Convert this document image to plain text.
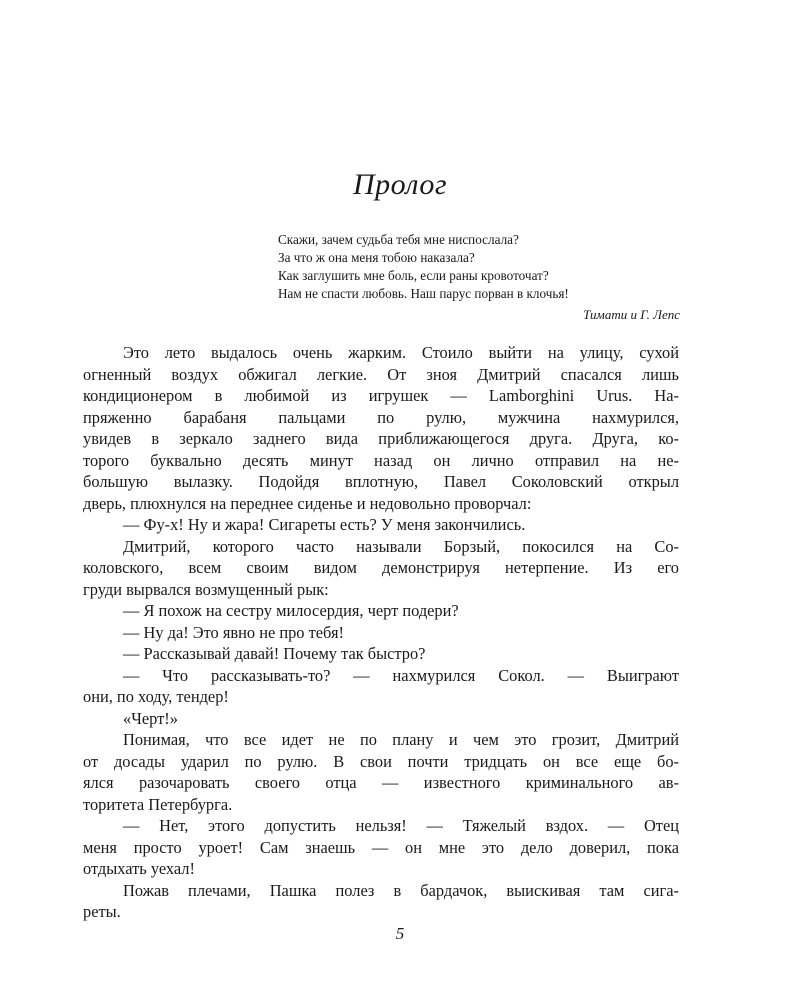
Пролог
Скажи, зачем судьба тебя мне ниспослала?
За что ж она меня тобою наказала?
Как заглушить мне боль, если раны кровоточат?
Нам не спасти любовь. Наш парус порван в клочья!
Тимати и Г. Лепс
Это лето выдалось очень жарким. Стоило выйти на улицу, сухой
огненный воздух обжигал легкие. От зноя Дмитрий спасался лишь
кондиционером в любимой из игрушек — Lamborghini Urus. На-
пряженно барабаня пальцами по рулю, мужчина нахмурился,
увидев в зеркало заднего вида приближающегося друга. Друга, ко-
торого буквально десять минут назад он лично отправил на не-
большую вылазку. Подойдя вплотную, Павел Соколовский открыл
дверь, плюхнулся на переднее сиденье и недовольно проворчал:
— Фу-х! Ну и жара! Сигареты есть? У меня закончились.
Дмитрий, которого часто называли Борзый, покосился на Со-
коловского, всем своим видом демонстрируя нетерпение. Из его
груди вырвался возмущенный рык:
— Я похож на сестру милосердия, черт подери?
— Ну да! Это явно не про тебя!
— Рассказывай давай! Почему так быстро?
— Что рассказывать-то? — нахмурился Сокол. — Выиграют
они, по ходу, тендер!
«Черт!»
Понимая, что все идет не по плану и чем это грозит, Дмитрий
от досады ударил по рулю. В свои почти тридцать он все еще бо-
ялся разочаровать своего отца — известного криминального ав-
торитета Петербурга.
— Нет, этого допустить нельзя! — Тяжелый вздох. — Отец
меня просто уроет! Сам знаешь — он мне это дело доверил, пока
отдыхать уехал!
Пожав плечами, Пашка полез в бардачок, выискивая там сига-
реты.
5
